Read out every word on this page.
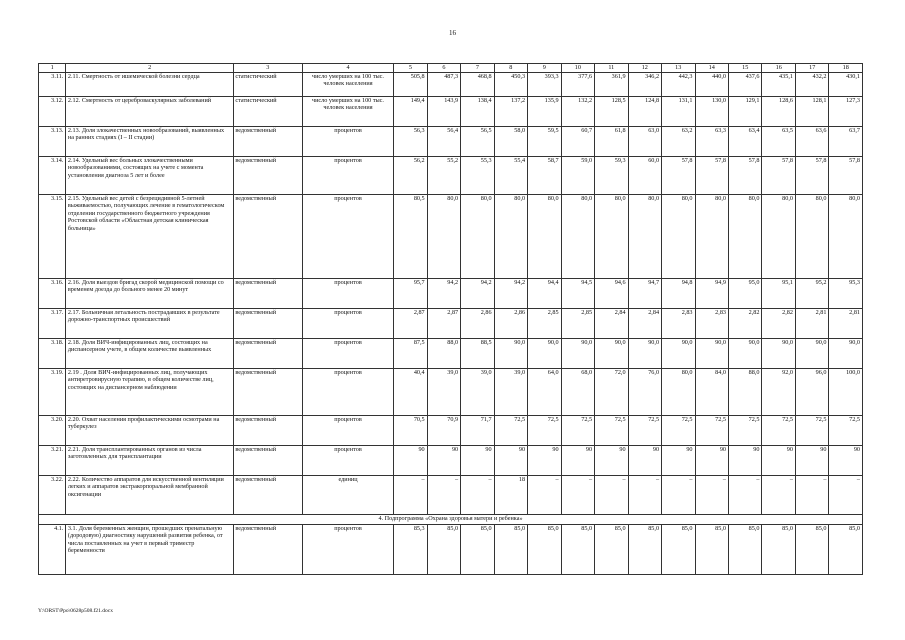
16
1	2	3	4	5	6	7	8	9	10	11	12	13	14	15	16	17	18
3.11.	2.11. Смертность от ишемической болезни сердца	статистический	число умерших на 100 тыс. человек населения	505,8	487,3	468,8	450,3	393,3	377,6	361,9	346,2	442,3	440,0	437,6	435,1	432,2	430,1
3.12.	2.12. Смертность от цереброваскулярных заболеваний	статистический	число умерших на 100 тыс. человек населения	149,4	143,9	138,4	137,2	135,9	132,2	128,5	124,8	131,1	130,0	129,1	128,6	128,1	127,3
3.13.	2.13. Доля злокачественных новообразований, выявленных на ранних стадиях (I – II стадии)	ведомственный	процентов	56,3	56,4	56,5	58,0	59,5	60,7	61,8	63,0	63,2	63,3	63,4	63,5	63,6	63,7
3.14.	2.14. Удельный вес больных злокачественными новообразованиями, состоящих на учете с момента установления диагноза 5 лет и более	ведомственный	процентов	56,2	55,2	55,3	55,4	58,7	59,0	59,3	60,0	57,8	57,8	57,8	57,8	57,8	57,8
3.15.	2.15. Удельный вес детей с безрецидивной 5-летней выживаемостью, получающих лечение в гематологическом отделении государственного бюджетного учреждения Ростовской области «Областная детская клиническая больница»	ведомственный	процентов	80,5	80,0	80,0	80,0	80,0	80,0	80,0	80,0	80,0	80,0	80,0	80,0	80,0	80,0
3.16.	2.16. Доля выездов бригад скорой медицинской помощи со временем доезда до больного менее 20 минут	ведомственный	процентов	95,7	94,2	94,2	94,2	94,4	94,5	94,6	94,7	94,8	94,9	95,0	95,1	95,2	95,3
3.17.	2.17. Больничная летальность пострадавших в результате дорожно-транспортных происшествий	ведомственный	процентов	2,87	2,87	2,86	2,86	2,85	2,85	2,84	2,84	2,83	2,83	2,82	2,82	2,81	2,81
3.18.	2.18. Доля ВИЧ-инфицированных лиц, состоящих на диспансерном учете, в общем количестве выявленных	ведомственный	процентов	87,5	88,0	88,5	90,0	90,0	90,0	90,0	90,0	90,0	90,0	90,0	90,0	90,0	90,0
3.19.	2.19 . Доля ВИЧ-инфицированных лиц, получающих антиретровирусную терапию, в общем количестве лиц, состоящих на диспансерном наблюдении	ведомственный	процентов	40,4	39,0	39,0	39,0	64,0	68,0	72,0	76,0	80,0	84,0	88,0	92,0	96,0	100,0
3.20.	2.20. Охват населения профилактическими осмотрами на туберкулез	ведомственный	процентов	70,5	70,9	71,7	72,5	72,5	72,5	72,5	72,5	72,5	72,5	72,5	72,5	72,5	72,5
3.21.	2.21. Доля трансплантированных органов из числа заготовленных для трансплантации	ведомственный	процентов	90	90	90	90	90	90	90	90	90	90	90	90	90	90
3.22.	2.22. Количество аппаратов для искусственной вентиляции легких и аппаратов экстракорпоральной мембранной оксигенации	ведомственный	единиц	–	–	–	18	–	–	–	–	–	–	–	–	–	–
4. Подпрограмма «Охрана здоровья матери и ребенка»																	
4.1.	3.1. Доля беременных женщин, прошедших пренатальную (дородовую) диагностику нарушений развития ребенка, от числа поставленных на учет в первый триместр беременности	ведомственный	процентов	85,3	85,0	85,0	85,0	85,0	85,0	85,0	85,0	85,0	85,0	85,0	85,0	85,0	85,0
Y:\ORST\Ppo\0628p508.f21.docx
